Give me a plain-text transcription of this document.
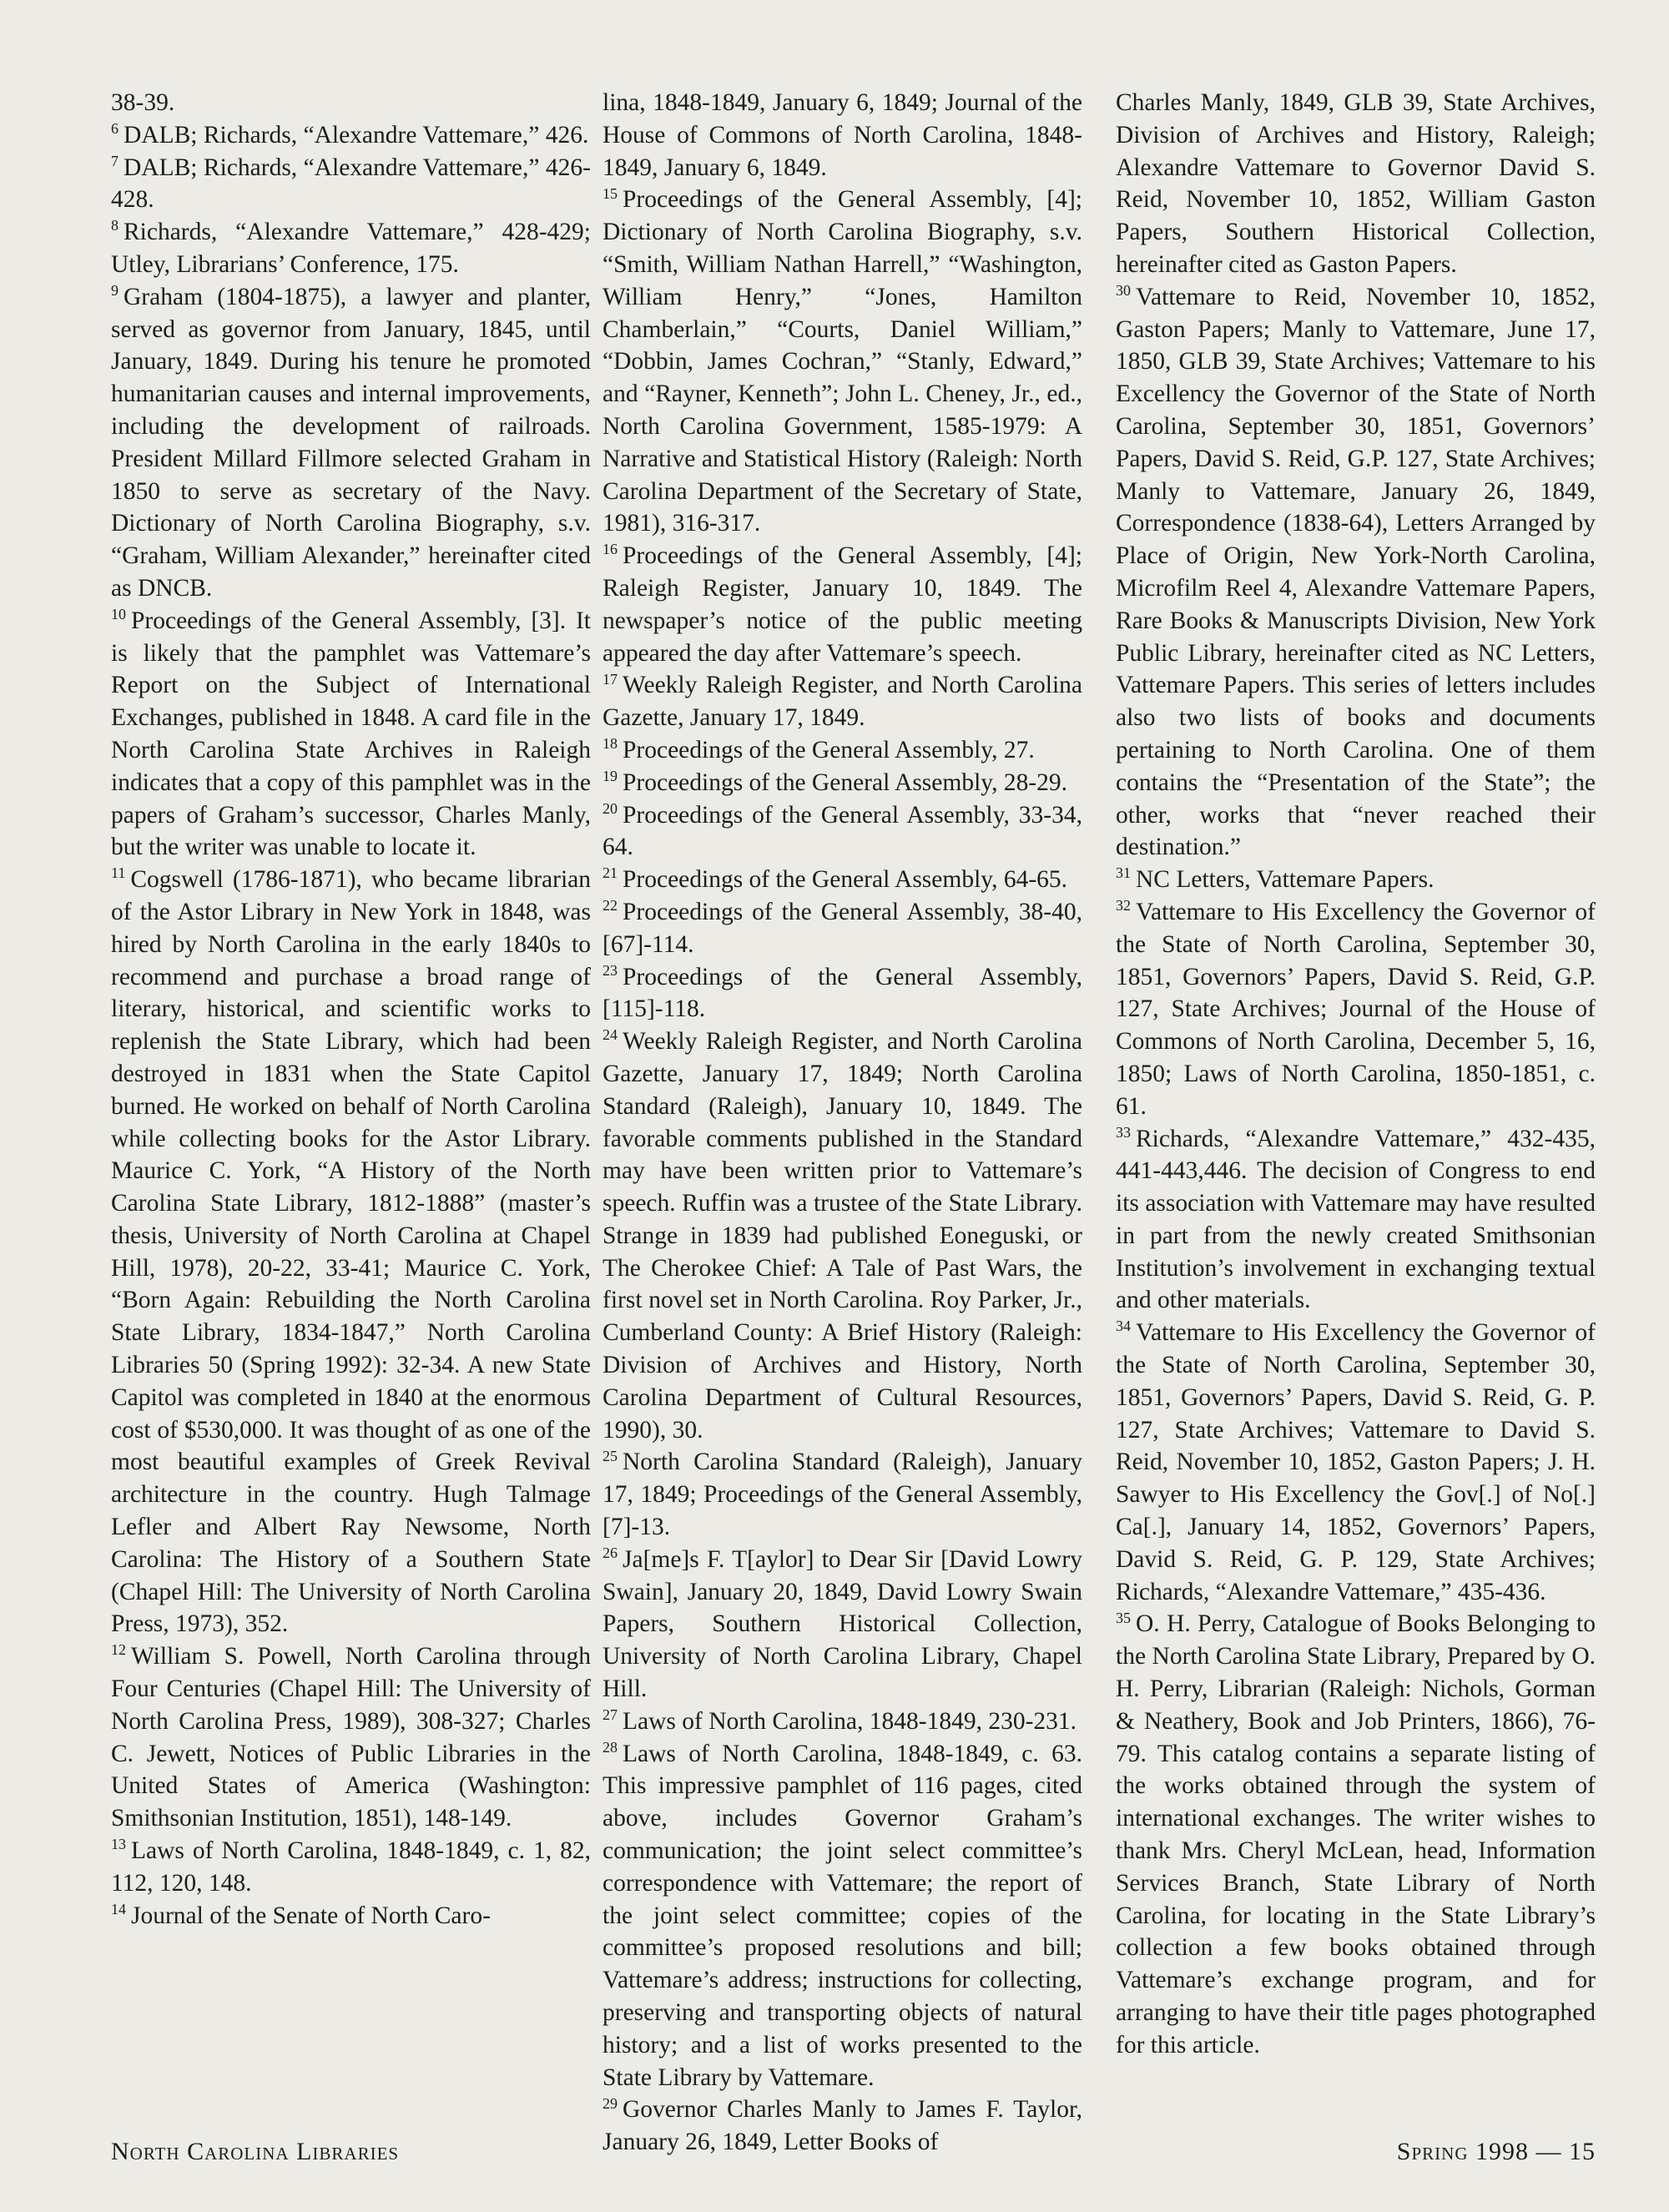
38-39.

$^6$ DALB; Richards, “Alexandre Vattemare,” 426.

$^7$ DALB; Richards, “Alexandre Vattemare,” 426-428.

$^8$ Richards, “Alexandre Vattemare,” 428-429; Utley, Librarians’ Conference, 175.

$^9$ Graham (1804-1875), a lawyer and planter, served as governor from January, 1845, until January, 1849. During his tenure he promoted humanitarian causes and internal improvements, including the development of railroads. President Millard Fillmore selected Graham in 1850 to serve as secretary of the Navy. Dictionary of North Carolina Biography, s.v. “Graham, William Alexander,” hereinafter cited as DNCB.

$^{10}$ Proceedings of the General Assembly, [3]. It is likely that the pamphlet was Vattemare’s Report on the Subject of International Exchanges, published in 1848. A card file in the North Carolina State Archives in Raleigh indicates that a copy of this pamphlet was in the papers of Graham’s successor, Charles Manly, but the writer was unable to locate it.

$^{11}$ Cogswell (1786-1871), who became librarian of the Astor Library in New York in 1848, was hired by North Carolina in the early 1840s to recommend and purchase a broad range of literary, historical, and scientific works to replenish the State Library, which had been destroyed in 1831 when the State Capitol burned. He worked on behalf of North Carolina while collecting books for the Astor Library. Maurice C. York, “A History of the North Carolina State Library, 1812-1888” (master’s thesis, University of North Carolina at Chapel Hill, 1978), 20-22, 33-41; Maurice C. York, “Born Again: Rebuilding the North Carolina State Library, 1834-1847,” North Carolina Libraries 50 (Spring 1992): 32-34. A new State Capitol was completed in 1840 at the enormous cost of $530,000. It was thought of as one of the most beautiful examples of Greek Revival architecture in the country. Hugh Talmage Lefler and Albert Ray Newsome, North Carolina: The History of a Southern State (Chapel Hill: The University of North Carolina Press, 1973), 352.

$^{12}$ William S. Powell, North Carolina through Four Centuries (Chapel Hill: The University of North Carolina Press, 1989), 308-327; Charles C. Jewett, Notices of Public Libraries in the United States of America (Washington: Smithsonian Institution, 1851), 148-149.

$^{13}$ Laws of North Carolina, 1848-1849, c. 1, 82, 112, 120, 148.

$^{14}$ Journal of the Senate of North Caro-

lina, 1848-1849, January 6, 1849; Journal of the House of Commons of North Carolina, 1848-1849, January 6, 1849.

$^{15}$ Proceedings of the General Assembly, [4]; Dictionary of North Carolina Biography, s.v. “Smith, William Nathan Harrell,” “Washington, William Henry,” “Jones, Hamilton Chamberlain,” “Courts, Daniel William,” “Dobbin, James Cochran,” “Stanly, Edward,” and “Rayner, Kenneth”; John L. Cheney, Jr., ed., North Carolina Government, 1585-1979: A Narrative and Statistical History (Raleigh: North Carolina Department of the Secretary of State, 1981), 316-317.

$^{16}$ Proceedings of the General Assembly, [4]; Raleigh Register, January 10, 1849. The newspaper’s notice of the public meeting appeared the day after Vattemare’s speech.

$^{17}$ Weekly Raleigh Register, and North Carolina Gazette, January 17, 1849.

$^{18}$ Proceedings of the General Assembly, 27.

$^{19}$ Proceedings of the General Assembly, 28-29.

$^{20}$ Proceedings of the General Assembly, 33-34, 64.

$^{21}$ Proceedings of the General Assembly, 64-65.

$^{22}$ Proceedings of the General Assembly, 38-40, [67]-114.

$^{23}$ Proceedings of the General Assembly, [115]-118.

$^{24}$ Weekly Raleigh Register, and North Carolina Gazette, January 17, 1849; North Carolina Standard (Raleigh), January 10, 1849. The favorable comments published in the Standard may have been written prior to Vattemare’s speech. Ruffin was a trustee of the State Library. Strange in 1839 had published Eoneguski, or The Cherokee Chief: A Tale of Past Wars, the first novel set in North Carolina. Roy Parker, Jr., Cumberland County: A Brief History (Raleigh: Division of Archives and History, North Carolina Department of Cultural Resources, 1990), 30.

$^{25}$ North Carolina Standard (Raleigh), January 17, 1849; Proceedings of the General Assembly, [7]-13.

$^{26}$ Ja[me]s F. T[aylor] to Dear Sir [David Lowry Swain], January 20, 1849, David Lowry Swain Papers, Southern Historical Collection, University of North Carolina Library, Chapel Hill.

$^{27}$ Laws of North Carolina, 1848-1849, 230-231.

$^{28}$ Laws of North Carolina, 1848-1849, c. 63. This impressive pamphlet of 116 pages, cited above, includes Governor Graham’s communication; the joint select committee’s correspondence with Vattemare; the report of the joint select committee; copies of the committee’s proposed resolutions and bill; Vattemare’s address; instructions for collecting, preserving and transporting objects of natural history; and a list of works presented to the State Library by Vattemare.

$^{29}$ Governor Charles Manly to James F. Taylor, January 26, 1849, Letter Books of

Charles Manly, 1849, GLB 39, State Archives, Division of Archives and History, Raleigh; Alexandre Vattemare to Governor David S. Reid, November 10, 1852, William Gaston Papers, Southern Historical Collection, hereinafter cited as Gaston Papers.

$^{30}$ Vattemare to Reid, November 10, 1852, Gaston Papers; Manly to Vattemare, June 17, 1850, GLB 39, State Archives; Vattemare to his Excellency the Governor of the State of North Carolina, September 30, 1851, Governors’ Papers, David S. Reid, G.P. 127, State Archives; Manly to Vattemare, January 26, 1849, Correspondence (1838-64), Letters Arranged by Place of Origin, New York-North Carolina, Microfilm Reel 4, Alexandre Vattemare Papers, Rare Books & Manuscripts Division, New York Public Library, hereinafter cited as NC Letters, Vattemare Papers. This series of letters includes also two lists of books and documents pertaining to North Carolina. One of them contains the “Presentation of the State”; the other, works that “never reached their destination.”

$^{31}$ NC Letters, Vattemare Papers.

$^{32}$ Vattemare to His Excellency the Governor of the State of North Carolina, September 30, 1851, Governors’ Papers, David S. Reid, G.P. 127, State Archives; Journal of the House of Commons of North Carolina, December 5, 16, 1850; Laws of North Carolina, 1850-1851, c. 61.

$^{33}$ Richards, “Alexandre Vattemare,” 432-435, 441-443,446. The decision of Congress to end its association with Vattemare may have resulted in part from the newly created Smithsonian Institution’s involvement in exchanging textual and other materials.

$^{34}$ Vattemare to His Excellency the Governor of the State of North Carolina, September 30, 1851, Governors’ Papers, David S. Reid, G. P. 127, State Archives; Vattemare to David S. Reid, November 10, 1852, Gaston Papers; J. H. Sawyer to His Excellency the Gov[.] of No[.] Ca[.], January 14, 1852, Governors’ Papers, David S. Reid, G. P. 129, State Archives; Richards, “Alexandre Vattemare,” 435-436.

$^{35}$ O. H. Perry, Catalogue of Books Belonging to the North Carolina State Library, Prepared by O. H. Perry, Librarian (Raleigh: Nichols, Gorman & Neathery, Book and Job Printers, 1866), 76-79. This catalog contains a separate listing of the works obtained through the system of international exchanges. The writer wishes to thank Mrs. Cheryl McLean, head, Information Services Branch, State Library of North Carolina, for locating in the State Library’s collection a few books obtained through Vattemare’s exchange program, and for arranging to have their title pages photographed for this article.

North Carolina Libraries	Spring 1998 — 15
